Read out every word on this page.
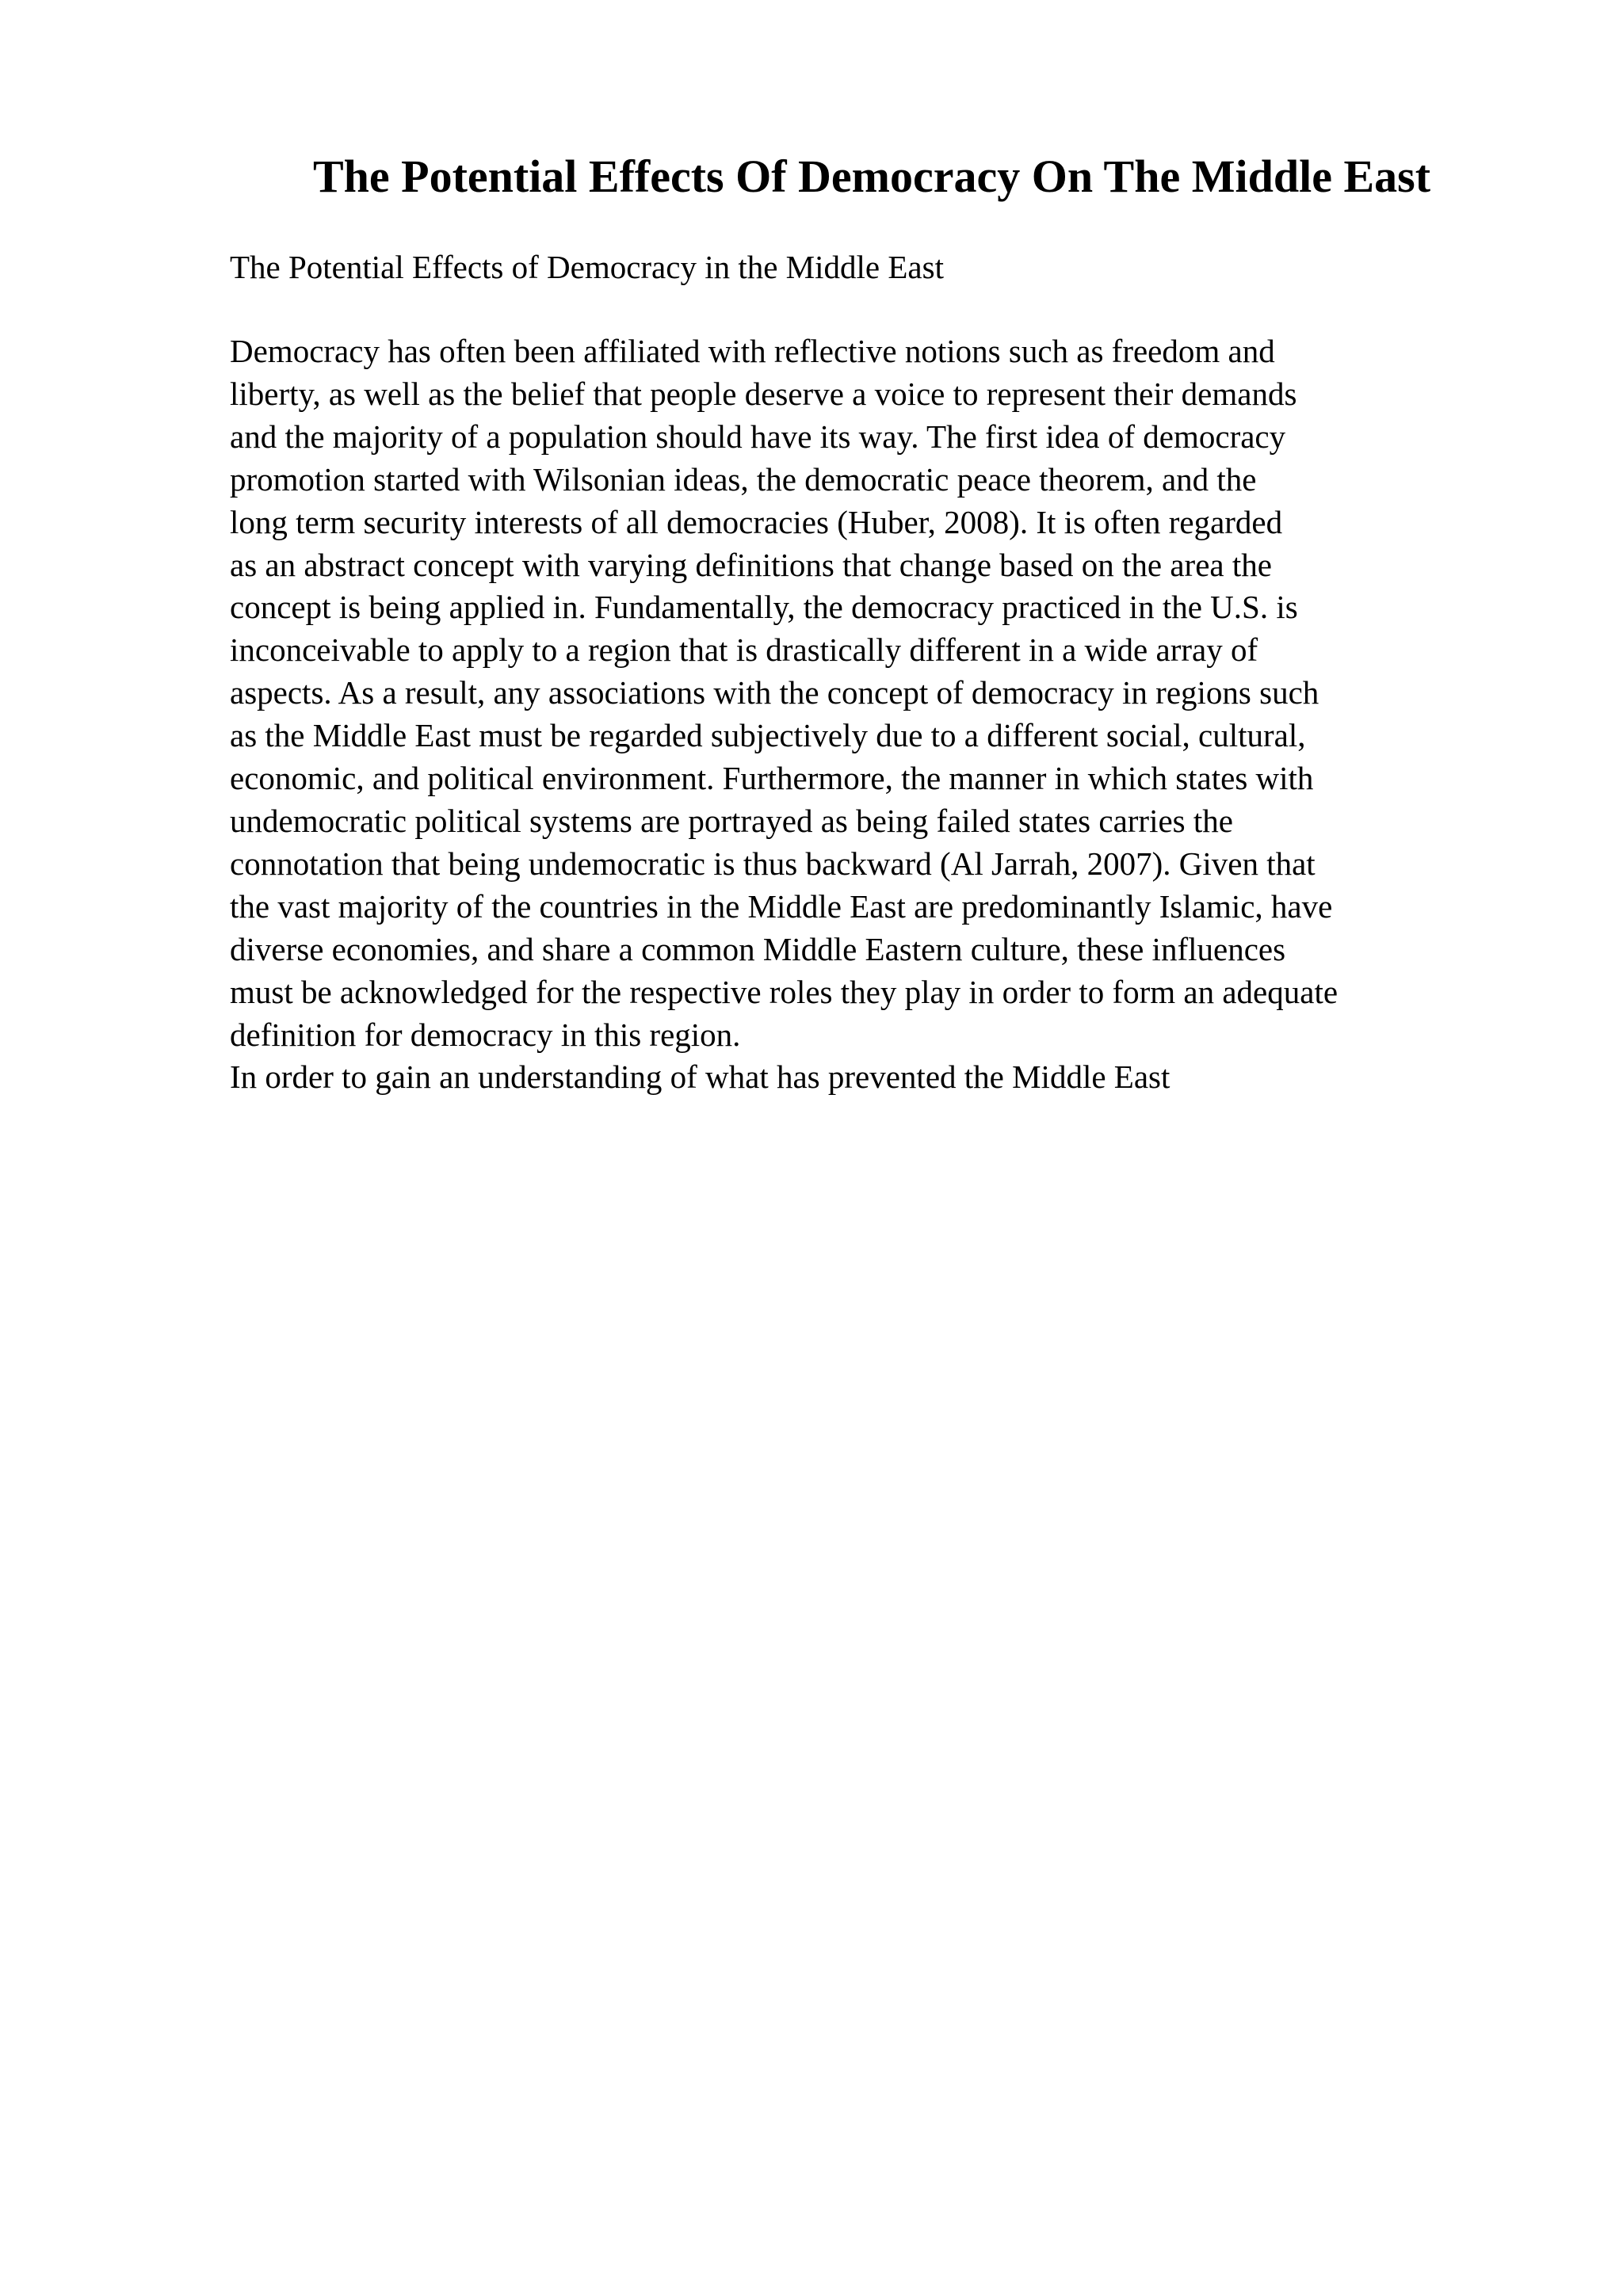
The Potential Effects Of Democracy On The Middle East

The Potential Effects of Democracy in the Middle East

Democracy has often been affiliated with reflective notions such as freedom and
liberty, as well as the belief that people deserve a voice to represent their demands
and the majority of a population should have its way. The first idea of democracy
promotion started with Wilsonian ideas, the democratic peace theorem, and the
long term security interests of all democracies (Huber, 2008). It is often regarded
as an abstract concept with varying definitions that change based on the area the
concept is being applied in. Fundamentally, the democracy practiced in the U.S. is
inconceivable to apply to a region that is drastically different in a wide array of
aspects. As a result, any associations with the concept of democracy in regions such
as the Middle East must be regarded subjectively due to a different social, cultural,
economic, and political environment. Furthermore, the manner in which states with
undemocratic political systems are portrayed as being failed states carries the
connotation that being undemocratic is thus backward (Al Jarrah, 2007). Given that
the vast majority of the countries in the Middle East are predominantly Islamic, have
diverse economies, and share a common Middle Eastern culture, these influences
must be acknowledged for the respective roles they play in order to form an adequate
definition for democracy in this region.
In order to gain an understanding of what has prevented the Middle East
